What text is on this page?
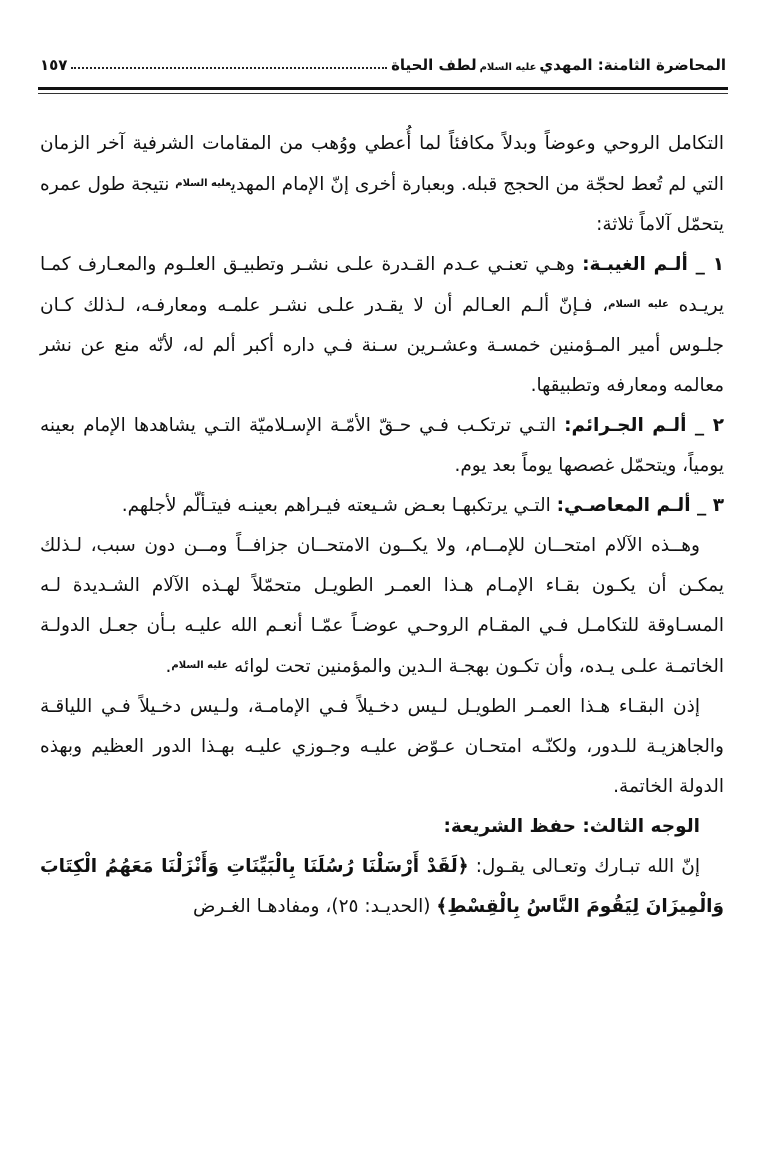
المحاضرة الثامنة: المهدي
عليه السلام
لطف الحياة
١٥٧

التكامل الروحي وعوضاً وبدلاً مكافئاً لما أُعطي ووُهب من المقامات الشرفية آخر الزمان التي لم تُعط لحجّة من الحجج قبله. وبعبارة أخرى إنّ الإمام المهدي$^{عليه السلام}$ نتيجة طول عمره يتحمّل آلاماً ثلاثة:

١ _ ألـم الغيبـة: وهـي تعنـي عـدم القـدرة علـى نشـر وتطبيـق العلـوم والمعـارف كمـا يريـده $^{عليه السلام}$، فـإنّ ألـم العـالم أن لا يقـدر علـى نشـر علمـه ومعارفـه، لـذلك كـان جلـوس أمير المـؤمنين خمسـة وعشـرين سـنة فـي داره أكبر ألم له، لأنّه منع عن نشر معالمه ومعارفه وتطبيقها.

٢ _ ألـم الجـرائم: التـي ترتكـب فـي حـقّ الأمّـة الإسـلاميّة التـي يشاهدها الإمام بعينه يومياً، ويتحمّل غصصها يوماً بعد يوم.

٣ _ ألـم المعاصـي: التـي يرتكبهـا بعـض شـيعته فيـراهم بعينـه فيتـألّم لأجلهم.

وهــذه الآلام امتحــان للإمــام، ولا يكــون الامتحــان جزافــاً ومــن دون سبب، لـذلك يمكـن أن يكـون بقـاء الإمـام هـذا العمـر الطويـل متحمّلاً لهـذه الآلام الشـديدة لـه المسـاوقة للتكامـل فـي المقـام الروحـي عوضـاً عمّـا أنعـم الله عليـه بـأن جعـل الدولـة الخاتمـة علـى يـده، وأن تكـون بهجـة الـدين والمؤمنين تحت لوائه $^{عليه السلام}$.

إذن البقـاء هـذا العمـر الطويـل لـيس دخـيلاً فـي الإمامـة، ولـيس دخـيلاً فـي اللياقـة والجاهزيـة للـدور، ولكنّـه امتحـان عـوّض عليـه وجـوزي عليـه بهـذا الدور العظيم وبهذه الدولة الخاتمة.

الوجه الثالث: حفظ الشريعة:

إنّ الله تبـارك وتعـالى يقـول: ﴿لَقَدْ أَرْسَلْنَا رُسُلَنَا بِالْبَيِّنَاتِ وَأَنْزَلْنَا مَعَهُمُ الْكِتَابَ وَالْمِيزَانَ لِيَقُومَ النَّاسُ بِالْقِسْطِ﴾ (الحديـد: ٢٥)، ومفادهـا الغـرض
